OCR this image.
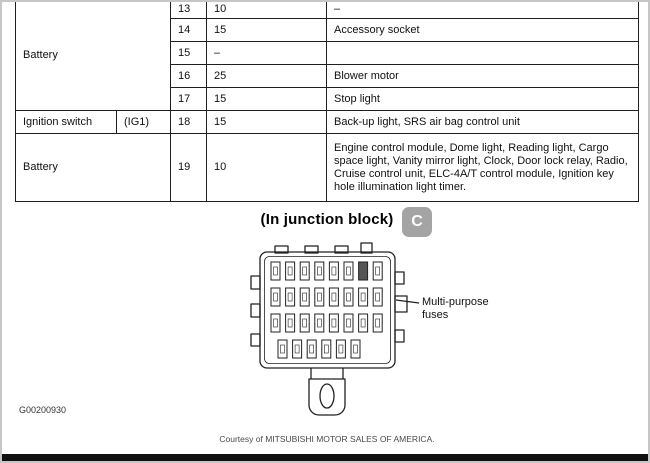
Battery		13	10	–
		14	15	Accessory socket
		15	–	
		16	25	Blower motor
		17	15	Stop light
Ignition switch	(IG1)	18	15	Back-up light, SRS air bag control unit
Battery		19	10	Engine control module, Dome light, Reading light, Cargo space light, Vanity mirror light, Clock, Door lock relay, Radio, Cruise control unit, ELC-4A/T control module, Ignition key hole illumination light timer.
(In junction block)	C
Multi-purpose
fuses
G00200930
Courtesy of MITSUBISHI MOTOR SALES OF AMERICA.
